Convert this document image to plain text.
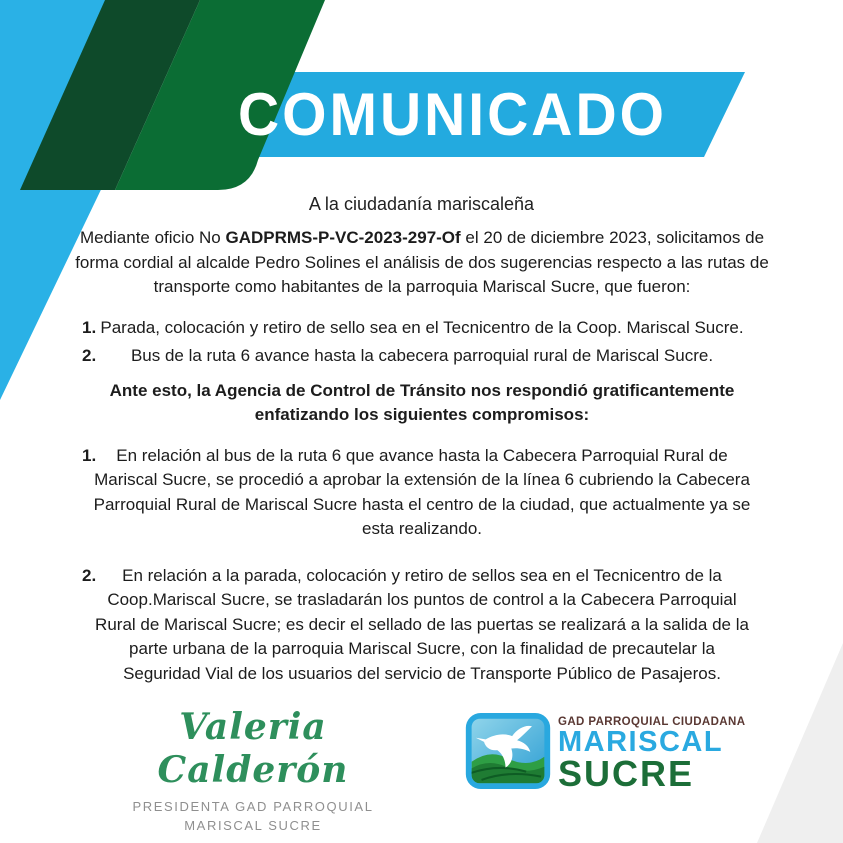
COMUNICADO
A la ciudadanía mariscaleña

Mediante oficio No GADPRMS-P-VC-2023-297-Of el 20 de diciembre 2023, solicitamos de forma cordial al alcalde Pedro Solines el análisis de dos sugerencias respecto a las rutas de transporte como habitantes de la parroquia Mariscal Sucre, que fueron:

1. Parada, colocación y retiro de sello sea en el Tecnicentro de la Coop. Mariscal Sucre.
2. Bus de la ruta 6 avance hasta la cabecera parroquial rural de Mariscal Sucre.

Ante esto, la Agencia de Control de Tránsito nos respondió gratificantemente enfatizando los siguientes compromisos:

1. En relación al bus de la ruta 6 que avance hasta la Cabecera Parroquial Rural de Mariscal Sucre, se procedió a aprobar la extensión de la línea 6 cubriendo la Cabecera Parroquial Rural de Mariscal Sucre hasta el centro de la ciudad, que actualmente ya se esta realizando.
2. En relación a la parada, colocación y retiro de sellos sea en el Tecnicentro de la Coop.Mariscal Sucre, se trasladarán los puntos de control a la Cabecera Parroquial Rural de Mariscal Sucre; es decir el sellado de las puertas se realizará a la salida de la parte urbana de la parroquia Mariscal Sucre, con la finalidad de precautelar la Seguridad Vial de los usuarios del servicio de Transporte Público de Pasajeros.
Valeria Calderón
PRESIDENTA GAD PARROQUIAL
MARISCAL SUCRE
GAD PARROQUIAL CIUDADANA
MARISCAL
SUCRE
